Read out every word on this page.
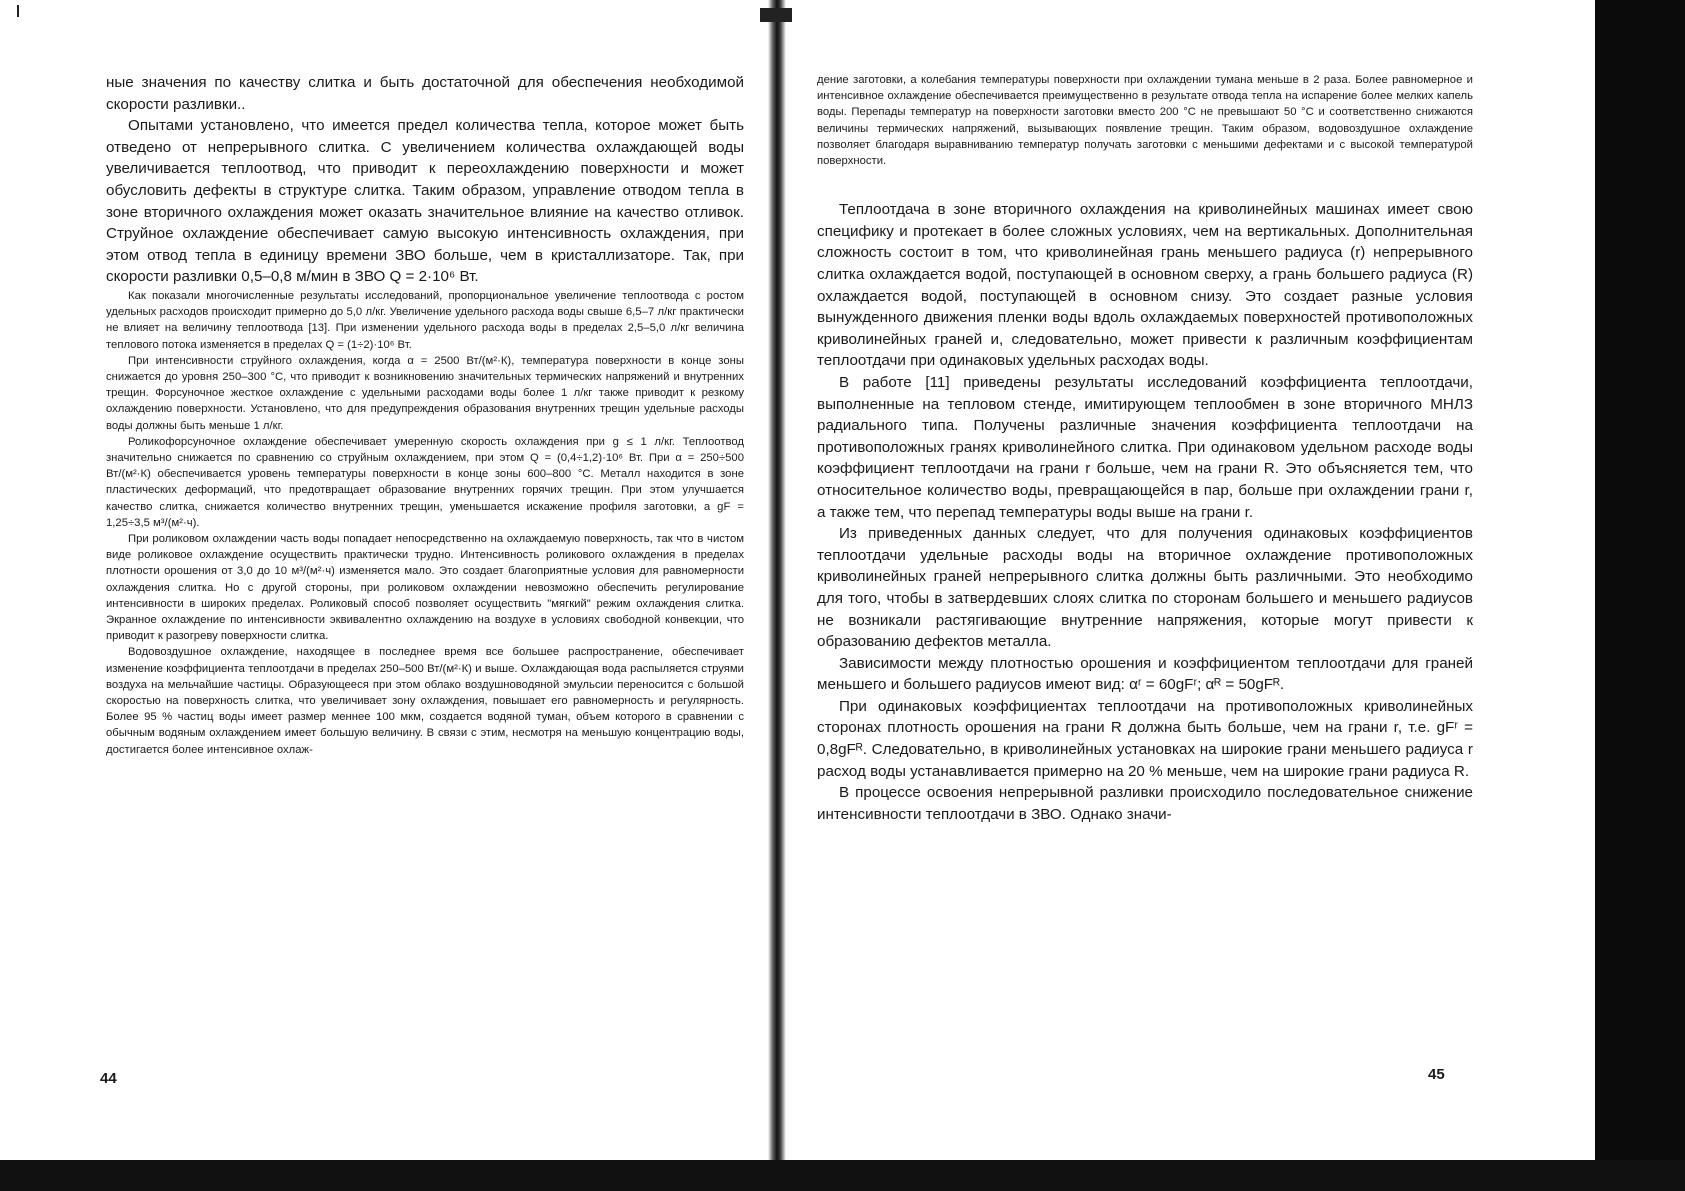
ные значения по качеству слитка и быть достаточной для обеспечения необходимой скорости разливки..

Опытами установлено, что имеется предел количества тепла, которое может быть отведено от непрерывного слитка. С увеличением количества охлаждающей воды увеличивается теплоотвод, что приводит к переохлаждению поверхности и может обусловить дефекты в структуре слитка. Таким образом, управление отводом тепла в зоне вторичного охлаждения может оказать значительное влияние на качество отливок. Струйное охлаждение обеспечивает самую высокую интенсивность охлаждения, при этом отвод тепла в единицу времени ЗВО больше, чем в кристаллизаторе. Так, при скорости разливки 0,5–0,8 м/мин в ЗВО Q = 2·10⁶ Вт.

Как показали многочисленные результаты исследований, пропорциональное увеличение теплоотвода с ростом удельных расходов происходит примерно до 5,0 л/кг. Увеличение удельного расхода воды свыше 6,5–7 л/кг практически не влияет на величину теплоотвода [13]. При изменении удельного расхода воды в пределах 2,5–5,0 л/кг величина теплового потока изменяется в пределах Q = (1÷2)·10⁶ Вт.

При интенсивности струйного охлаждения, когда α = 2500 Вт/(м²·К), температура поверхности в конце зоны снижается до уровня 250–300 °С, что приводит к возникновению значительных термических напряжений и внутренних трещин. Форсуночное жесткое охлаждение с удельными расходами воды более 1 л/кг также приводит к резкому охлаждению поверхности. Установлено, что для предупреждения образования внутренних трещин удельные расходы воды должны быть меньше 1 л/кг.

Роликофорсуночное охлаждение обеспечивает умеренную скорость охлаждения при g ≤ 1 л/кг. Теплоотвод значительно снижается по сравнению со струйным охлаждением, при этом Q = (0,4÷1,2)·10⁶ Вт. При α = 250÷500 Вт/(м²·К) обеспечивается уровень температуры поверхности в конце зоны 600–800 °С. Металл находится в зоне пластических деформаций, что предотвращает образование внутренних горячих трещин. При этом улучшается качество слитка, снижается количество внутренних трещин, уменьшается искажение профиля заготовки, а gF = 1,25÷3,5 м³/(м²·ч).

При роликовом охлаждении часть воды попадает непосредственно на охлаждаемую поверхность, так что в чистом виде роликовое охлаждение осуществить практически трудно. Интенсивность роликового охлаждения в пределах плотности орошения от 3,0 до 10 м³/(м²·ч) изменяется мало. Это создает благоприятные условия для равномерности охлаждения слитка. Но с другой стороны, при роликовом охлаждении невозможно обеспечить регулирование интенсивности в широких пределах. Роликовый способ позволяет осуществить "мягкий" режим охлаждения слитка. Экранное охлаждение по интенсивности эквивалентно охлаждению на воздухе в условиях свободной конвекции, что приводит к разогреву поверхности слитка.

Водовоздушное охлаждение, находящее в последнее время все большее распространение, обеспечивает изменение коэффициента теплоотдачи в пределах 250–500 Вт/(м²·К) и выше. Охлаждающая вода распыляется струями воздуха на мельчайшие частицы. Образующееся при этом облако воздушноводяной эмульсии переносится с большой скоростью на поверхность слитка, что увеличивает зону охлаждения, повышает его равномерность и регулярность. Более 95 % частиц воды имеет размер меннее 100 мкм, создается водяной туман, объем которого в сравнении с обычным водяным охлаждением имеет большую величину. В связи с этим, несмотря на меньшую концентрацию воды, достигается более интенсивное охлаж-

44

дение заготовки, а колебания температуры поверхности при охлаждении тумана меньше в 2 раза. Более равномерное и интенсивное охлаждение обеспечивается преимущественно в результате отвода тепла на испарение более мелких капель воды. Перепады температур на поверхности заготовки вместо 200 °С не превышают 50 °С и соответственно снижаются величины термических напряжений, вызывающих появление трещин. Таким образом, водовоздушное охлаждение позволяет благодаря выравниванию температур получать заготовки с меньшими дефектами и с высокой температурой поверхности.

Теплоотдача в зоне вторичного охлаждения на криволинейных машинах имеет свою специфику и протекает в более сложных условиях, чем на вертикальных. Дополнительная сложность состоит в том, что криволинейная грань меньшего радиуса (r) непрерывного слитка охлаждается водой, поступающей в основном сверху, а грань большего радиуса (R) охлаждается водой, поступающей в основном снизу. Это создает разные условия вынужденного движения пленки воды вдоль охлаждаемых поверхностей противоположных криволинейных граней и, следовательно, может привести к различным коэффициентам теплоотдачи при одинаковых удельных расходах воды.

В работе [11] приведены результаты исследований коэффициента теплоотдачи, выполненные на тепловом стенде, имитирующем теплообмен в зоне вторичного МНЛЗ радиального типа. Получены различные значения коэффициента теплоотдачи на противоположных гранях криволинейного слитка. При одинаковом удельном расходе воды коэффициент теплоотдачи на грани r больше, чем на грани R. Это объясняется тем, что относительное количество воды, превращающейся в пар, больше при охлаждении грани r, а также тем, что перепад температуры воды выше на грани r.

Из приведенных данных следует, что для получения одинаковых коэффициентов теплоотдачи удельные расходы воды на вторичное охлаждение противоположных криволинейных граней непрерывного слитка должны быть различными. Это необходимо для того, чтобы в затвердевших слоях слитка по сторонам большего и меньшего радиусов не возникали растягивающие внутренние напряжения, которые могут привести к образованию дефектов металла.

Зависимости между плотностью орошения и коэффициентом теплоотдачи для граней меньшего и большего радиусов имеют вид: αʳ = 60gFʳ; αᴿ = 50gFᴿ.

При одинаковых коэффициентах теплоотдачи на противоположных криволинейных сторонах плотность орошения на грани R должна быть больше, чем на грани r, т.е. gFʳ = 0,8gFᴿ. Следовательно, в криволинейных установках на широкие грани меньшего радиуса r расход воды устанавливается примерно на 20 % меньше, чем на широкие грани радиуса R.

В процессе освоения непрерывной разливки происходило последовательное снижение интенсивности теплоотдачи в ЗВО. Однако значи-

45
